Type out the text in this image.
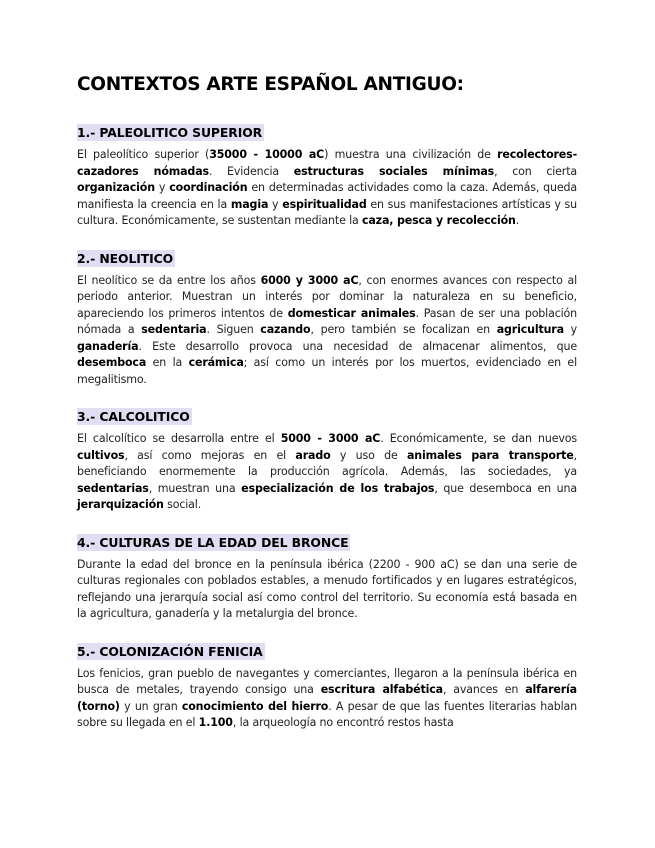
CONTEXTOS ARTE ESPAÑOL ANTIGUO:
1.- PALEOLITICO SUPERIOR

El paleolítico superior (35000 - 10000 aC) muestra una civilización de recolectores-cazadores nómadas. Evidencia estructuras sociales mínimas, con cierta organización y coordinación en determinadas actividades como la caza. Además, queda manifiesta la creencia en la magia y espiritualidad en sus manifestaciones artísticas y su cultura. Económicamente, se sustentan mediante la caza, pesca y recolección.

2.- NEOLITICO

El neolítico se da entre los años 6000 y 3000 aC, con enormes avances con respecto al periodo anterior. Muestran un interés por dominar la naturaleza en su beneficio, apareciendo los primeros intentos de domesticar animales. Pasan de ser una población nómada a sedentaria. Siguen cazando, pero también se focalizan en agricultura y ganadería. Este desarrollo provoca una necesidad de almacenar alimentos, que desemboca en la cerámica; así como un interés por los muertos, evidenciado en el megalitismo.

3.- CALCOLITICO

El calcolítico se desarrolla entre el 5000 - 3000 aC. Económicamente, se dan nuevos cultivos, así como mejoras en el arado y uso de animales para transporte, beneficiando enormemente la producción agrícola. Además, las sociedades, ya sedentarias, muestran una especialización de los trabajos, que desemboca en una jerarquización social.

4.- CULTURAS DE LA EDAD DEL BRONCE

Durante la edad del bronce en la península ibérica (2200 - 900 aC) se dan una serie de culturas regionales con poblados estables, a menudo fortificados y en lugares estratégicos, reflejando una jerarquía social así como control del territorio. Su economía está basada en la agricultura, ganadería y la metalurgia del bronce.

5.- COLONIZACIÓN FENICIA

Los fenicios, gran pueblo de navegantes y comerciantes, llegaron a la península ibérica en busca de metales, trayendo consigo una escritura alfabética, avances en alfarería (torno) y un gran conocimiento del hierro. A pesar de que las fuentes literarias hablan sobre su llegada en el 1.100, la arqueología no encontró restos hasta
